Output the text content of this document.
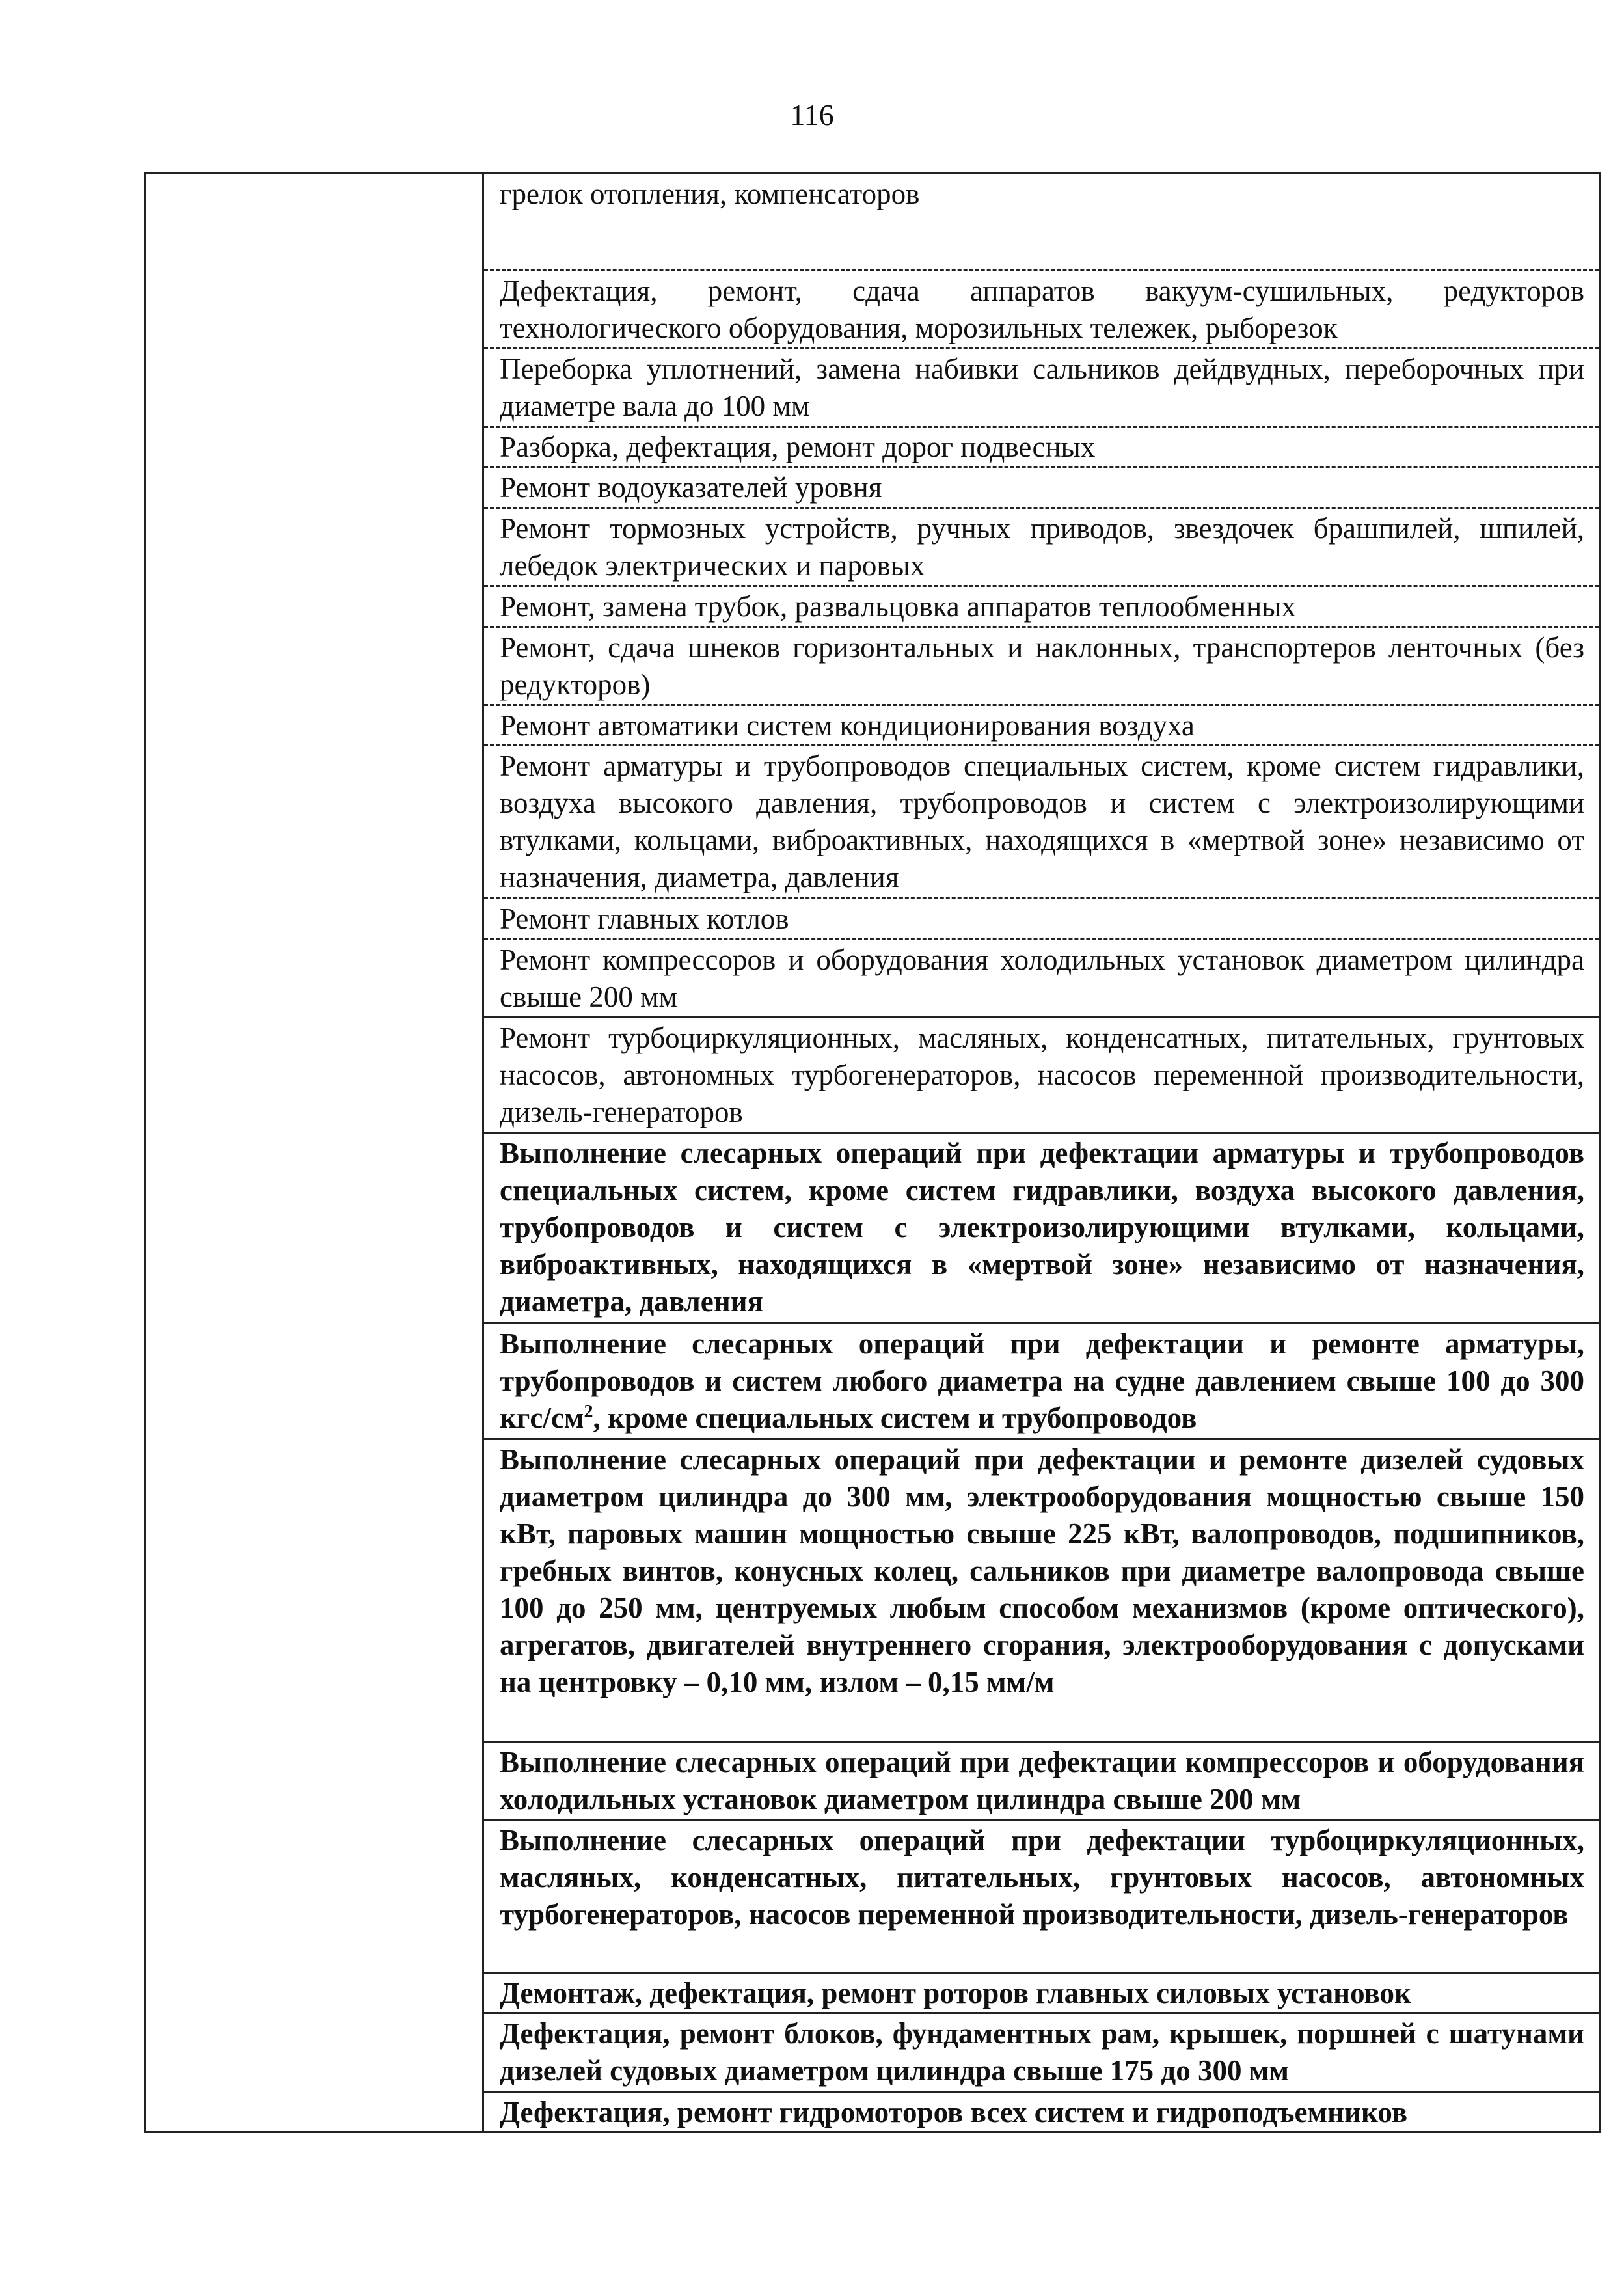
116

грелок отопления, компенсаторов
Дефектация, ремонт, сдача аппаратов вакуум-сушильных, редукторов технологического оборудования, морозильных тележек, рыборезок
Переборка уплотнений, замена набивки сальников дейдвудных, переборочных при диаметре вала до 100 мм
Разборка, дефектация, ремонт дорог подвесных
Ремонт водоуказателей уровня
Ремонт тормозных устройств, ручных приводов, звездочек брашпилей, шпилей, лебедок электрических и паровых
Ремонт, замена трубок, развальцовка аппаратов теплообменных
Ремонт, сдача шнеков горизонтальных и наклонных, транспортеров ленточных (без редукторов)
Ремонт автоматики систем кондиционирования воздуха
Ремонт арматуры и трубопроводов специальных систем, кроме систем гидравлики, воздуха высокого давления, трубопроводов и систем с электроизолирующими втулками, кольцами, виброактивных, находящихся в «мертвой зоне» независимо от назначения, диаметра, давления
Ремонт главных котлов
Ремонт компрессоров и оборудования холодильных установок диаметром цилиндра свыше 200 мм
Ремонт турбоциркуляционных, масляных, конденсатных, питательных, грунтовых насосов, автономных турбогенераторов, насосов переменной производительности, дизель-генераторов
Выполнение слесарных операций при дефектации арматуры и трубопроводов специальных систем, кроме систем гидравлики, воздуха высокого давления, трубопроводов и систем с электроизолирующими втулками, кольцами, виброактивных, находящихся в «мертвой зоне» независимо от назначения, диаметра, давления
Выполнение слесарных операций при дефектации и ремонте арматуры, трубопроводов и систем любого диаметра на судне давлением свыше 100 до 300 кгс/$см^2$, кроме специальных систем и трубопроводов
Выполнение слесарных операций при дефектации и ремонте дизелей судовых диаметром цилиндра до 300 мм, электрооборудования мощностью свыше 150 кВт, паровых машин мощностью свыше 225 кВт, валопроводов, подшипников, гребных винтов, конусных колец, сальников при диаметре валопровода свыше 100 до 250 мм, центруемых любым способом механизмов (кроме оптического), агрегатов, двигателей внутреннего сгорания, электрооборудования с допусками на центровку – 0,10 мм, излом – 0,15 мм/м
Выполнение слесарных операций при дефектации компрессоров и оборудования холодильных установок диаметром цилиндра свыше 200 мм
Выполнение слесарных операций при дефектации турбоциркуляционных, масляных, конденсатных, питательных, грунтовых насосов, автономных турбогенераторов, насосов переменной производительности, дизель-генераторов
Демонтаж, дефектация, ремонт роторов главных силовых установок
Дефектация, ремонт блоков, фундаментных рам, крышек, поршней с шатунами дизелей судовых диаметром цилиндра свыше 175 до 300 мм
Дефектация, ремонт гидромоторов всех систем и гидроподъемников
